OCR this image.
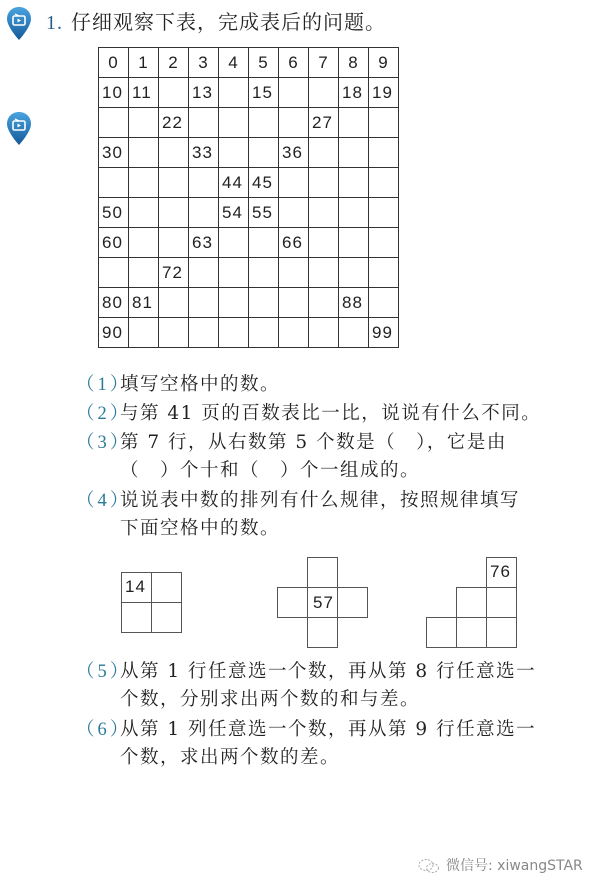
1. 仔细观察下表，完成表后的问题。
0	1	2	3	4	5	6	7	8	9
10	11		13		15			18	19
		22					27		
30			33			36			
				44	45				
50				54	55				
60			63			66			
		72							
80	81							88	
90									99
（1）填写空格中的数。
（2）与第 41 页的百数表比一比，说说有什么不同。
（3）第 7 行，从右数第 5 个数是（　），它是由
（　）个十和（　）个一组成的。
（4）说说表中数的排列有什么规律，按照规律填写
下面空格中的数。
（5）从第 1 行任意选一个数，再从第 8 行任意选一
个数，分别求出两个数的和与差。
（6）从第 1 列任意选一个数，再从第 9 行任意选一
个数，求出两个数的差。
14
57
76
微信号: xiwangSTAR
